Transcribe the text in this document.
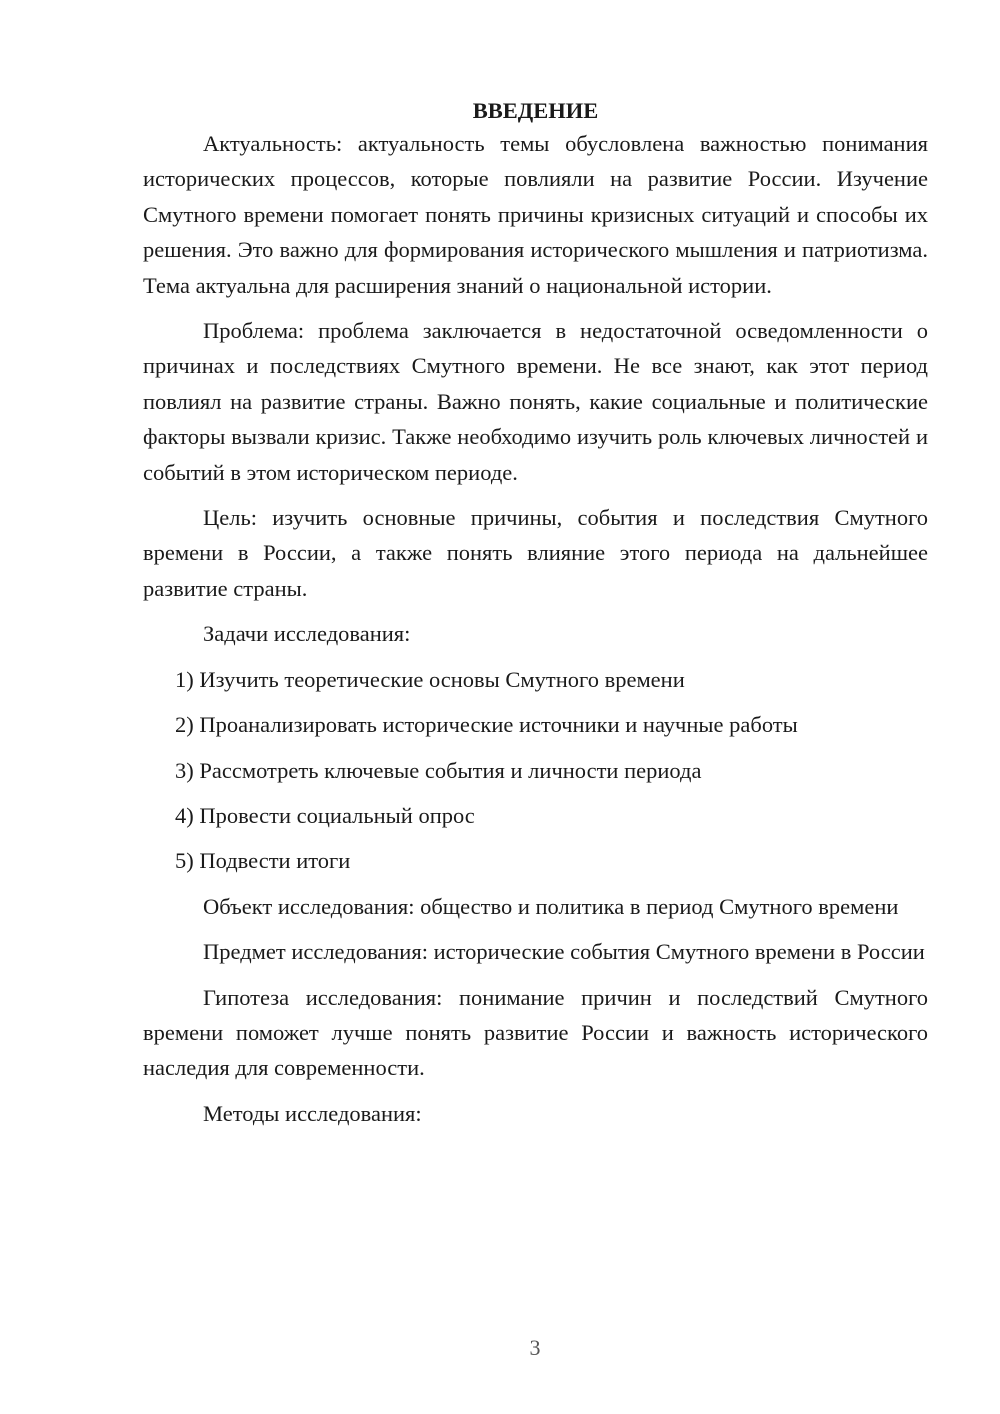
ВВЕДЕНИЕ

Актуальность: актуальность темы обусловлена важностью понимания исторических процессов, которые повлияли на развитие России. Изучение Смутного времени помогает понять причины кризисных ситуаций и способы их решения. Это важно для формирования исторического мышления и патриотизма. Тема актуальна для расширения знаний о национальной истории.

Проблема: проблема заключается в недостаточной осведомленности о причинах и последствиях Смутного времени. Не все знают, как этот период повлиял на развитие страны. Важно понять, какие социальные и политические факторы вызвали кризис. Также необходимо изучить роль ключевых личностей и событий в этом историческом периоде.

Цель: изучить основные причины, события и последствия Смутного времени в России, а также понять влияние этого периода на дальнейшее развитие страны.

Задачи исследования:

1) Изучить теоретические основы Смутного времени

2) Проанализировать исторические источники и научные работы

3) Рассмотреть ключевые события и личности периода

4) Провести социальный опрос

5) Подвести итоги

Объект исследования: общество и политика в период Смутного времени

Предмет исследования: исторические события Смутного времени в России

Гипотеза исследования: понимание причин и последствий Смутного времени поможет лучше понять развитие России и важность исторического наследия для современности.

Методы исследования:

3
